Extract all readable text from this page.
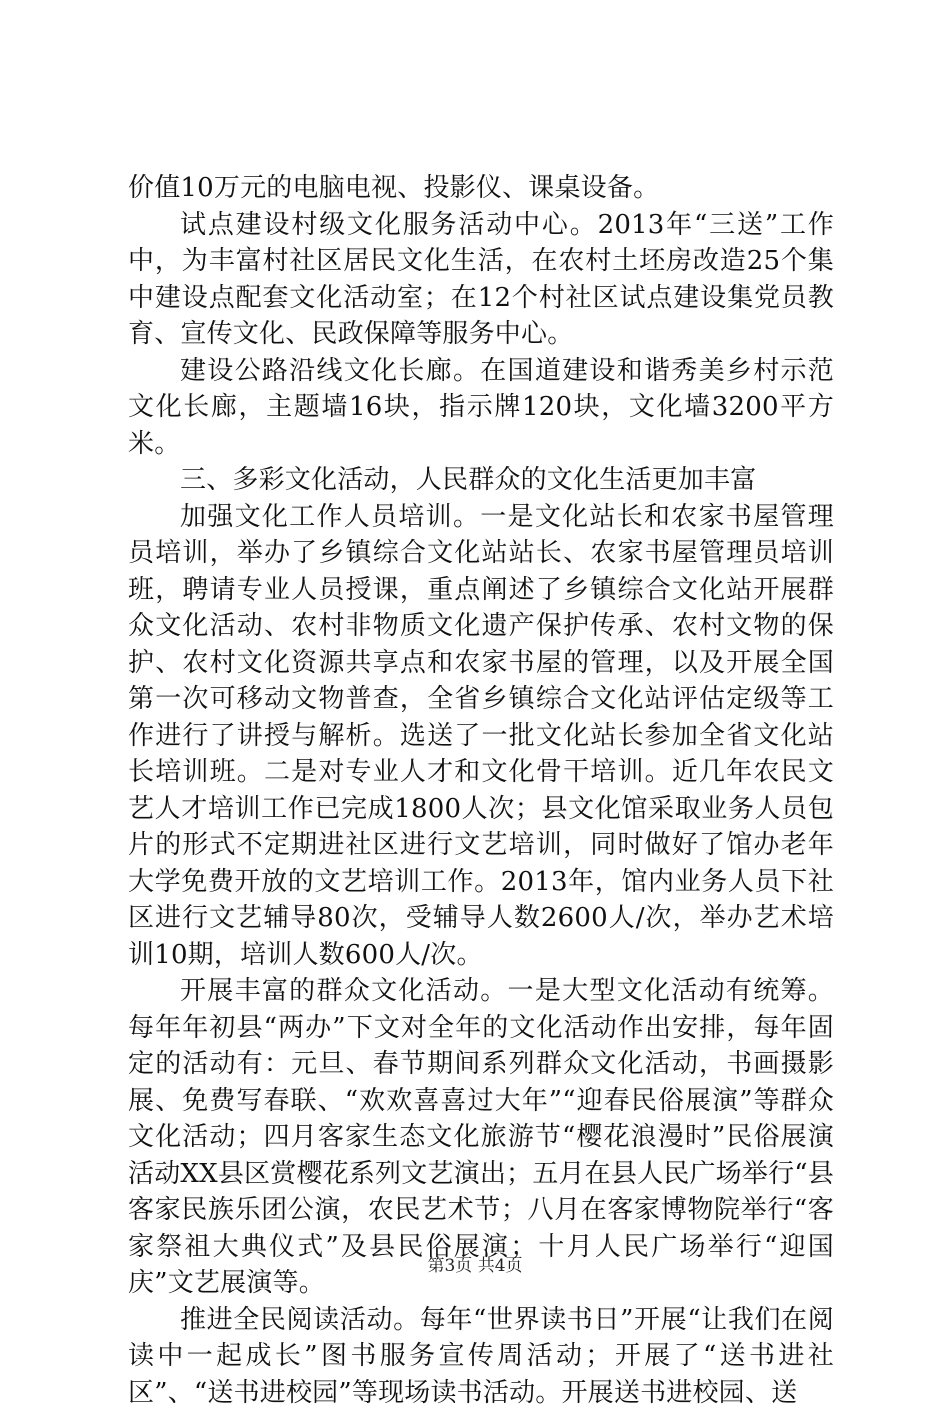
价值10万元的电脑电视、投影仪、课桌设备。

试点建设村级文化服务活动中心。2013年“三送”工作中，为丰富村社区居民文化生活，在农村土坯房改造25个集中建设点配套文化活动室；在12个村社区试点建设集党员教育、宣传文化、民政保障等服务中心。

建设公路沿线文化长廊。在国道建设和谐秀美乡村示范文化长廊，主题墙16块，指示牌120块，文化墙3200平方米。

三、多彩文化活动，人民群众的文化生活更加丰富

加强文化工作人员培训。一是文化站长和农家书屋管理员培训，举办了乡镇综合文化站站长、农家书屋管理员培训班，聘请专业人员授课，重点阐述了乡镇综合文化站开展群众文化活动、农村非物质文化遗产保护传承、农村文物的保护、农村文化资源共享点和农家书屋的管理，以及开展全国第一次可移动文物普查，全省乡镇综合文化站评估定级等工作进行了讲授与解析。选送了一批文化站长参加全省文化站长培训班。二是对专业人才和文化骨干培训。近几年农民文艺人才培训工作已完成1800人次；县文化馆采取业务人员包片的形式不定期进社区进行文艺培训，同时做好了馆办老年大学免费开放的文艺培训工作。2013年，馆内业务人员下社区进行文艺辅导80次，受辅导人数2600人/次，举办艺术培训10期，培训人数600人/次。

开展丰富的群众文化活动。一是大型文化活动有统筹。每年年初县“两办”下文对全年的文化活动作出安排，每年固定的活动有：元旦、春节期间系列群众文化活动，书画摄影展、免费写春联、“欢欢喜喜过大年”“迎春民俗展演”等群众文化活动；四月客家生态文化旅游节“樱花浪漫时”民俗展演活动XX县区赏樱花系列文艺演出；五月在县人民广场举行“县客家民族乐团公演，农民艺术节；八月在客家博物院举行“客家祭祖大典仪式”及县民俗展演；十月人民广场举行“迎国庆”文艺展演等。

推进全民阅读活动。每年“世界读书日”开展“让我们在阅读中一起成长”图书服务宣传周活动；开展了“送书进社区”、“送书进校园”等现场读书活动。开展送书进校园、送

第3页 共4页
